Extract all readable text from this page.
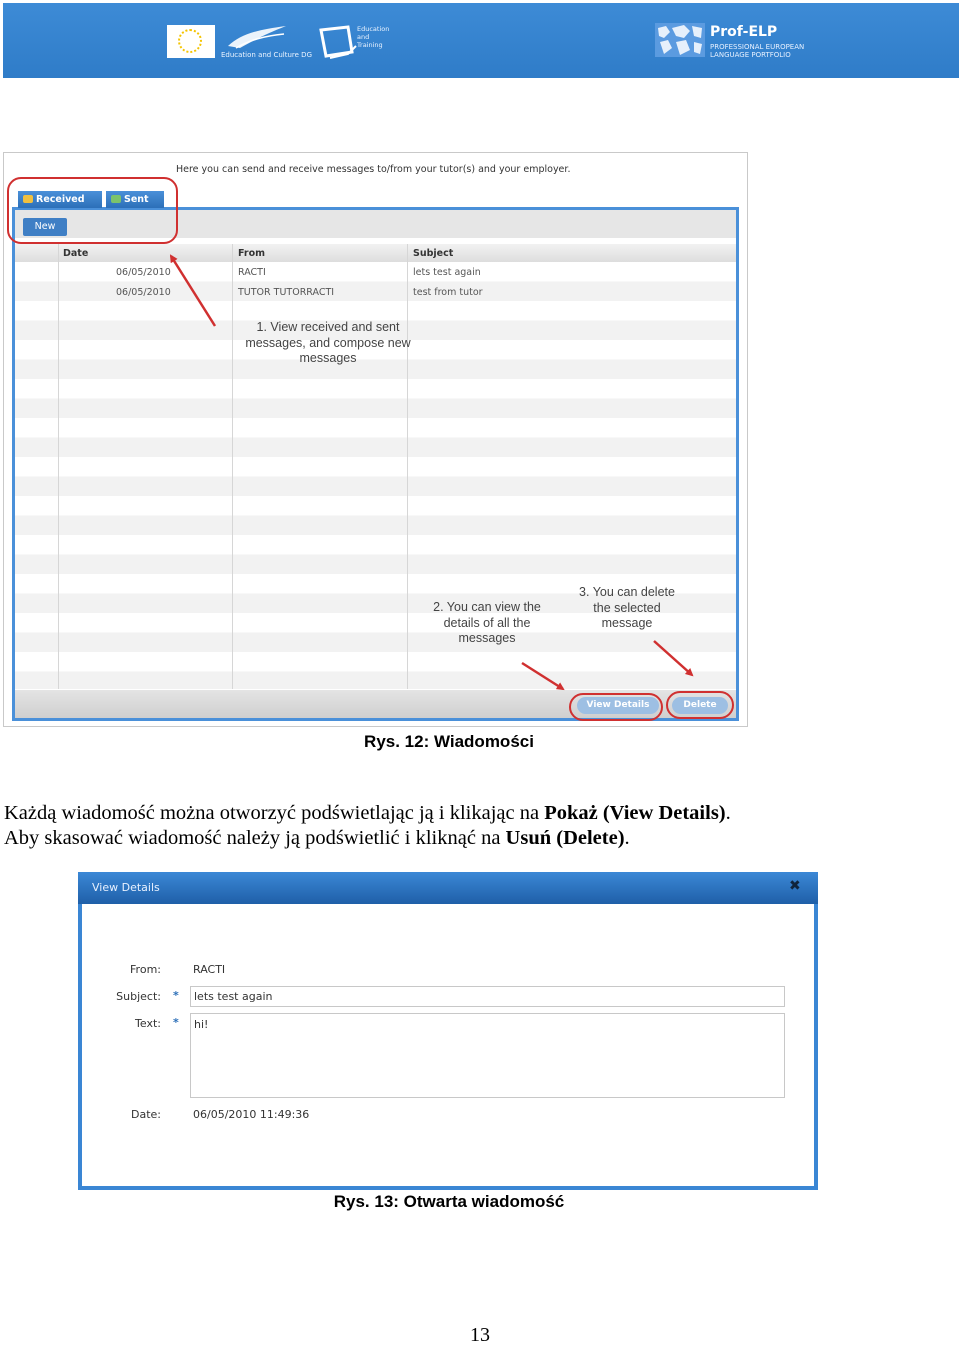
Education and Culture DG
Education
and
Training
Prof-ELP
PROFESSIONAL EUROPEAN
LANGUAGE PORTFOLIO
Here you can send and receive messages to/from your tutor(s) and your employer.
Received	Sent
New
Date	From	Subject
06/05/2010	RACTI	lets test again
06/05/2010	TUTOR TUTORRACTI	test from tutor
1. View received and sent
messages, and compose new
messages
2. You can view the
details of all the
messages
3. You can delete
the selected
message
View Details	Delete
Rys. 12: Wiadomości
Każdą wiadomość można otworzyć podświetlając ją i klikając na Pokaż (View Details).
Aby skasować wiadomość należy ją podświetlić i kliknąć na Usuń (Delete).
View Details	✖
From:	RACTI
Subject: * lets test again
Text: * hi!
Date:	06/05/2010 11:49:36
Rys. 13: Otwarta wiadomość
13
